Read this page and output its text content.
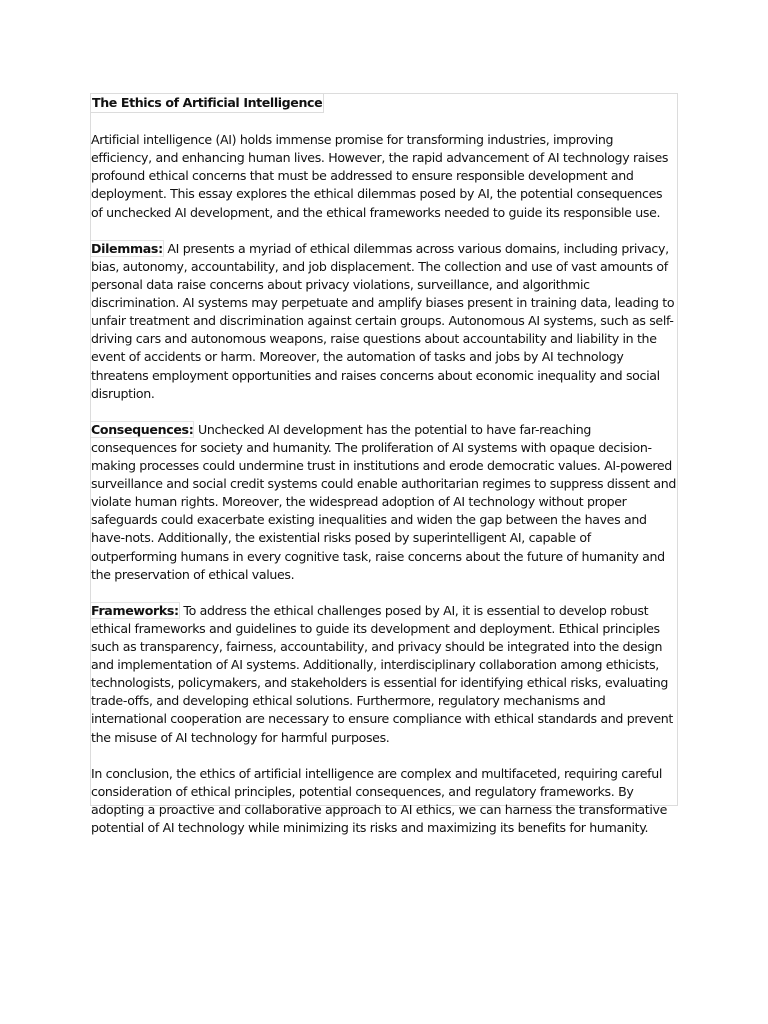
The Ethics of Artificial Intelligence

Artificial intelligence (AI) holds immense promise for transforming industries, improving efficiency, and enhancing human lives. However, the rapid advancement of AI technology raises profound ethical concerns that must be addressed to ensure responsible development and deployment. This essay explores the ethical dilemmas posed by AI, the potential consequences of unchecked AI development, and the ethical frameworks needed to guide its responsible use.

Dilemmas: AI presents a myriad of ethical dilemmas across various domains, including privacy, bias, autonomy, accountability, and job displacement. The collection and use of vast amounts of personal data raise concerns about privacy violations, surveillance, and algorithmic discrimination. AI systems may perpetuate and amplify biases present in training data, leading to unfair treatment and discrimination against certain groups. Autonomous AI systems, such as self-driving cars and autonomous weapons, raise questions about accountability and liability in the event of accidents or harm. Moreover, the automation of tasks and jobs by AI technology threatens employment opportunities and raises concerns about economic inequality and social disruption.

Consequences: Unchecked AI development has the potential to have far-reaching consequences for society and humanity. The proliferation of AI systems with opaque decision-making processes could undermine trust in institutions and erode democratic values. AI-powered surveillance and social credit systems could enable authoritarian regimes to suppress dissent and violate human rights. Moreover, the widespread adoption of AI technology without proper safeguards could exacerbate existing inequalities and widen the gap between the haves and have-nots. Additionally, the existential risks posed by superintelligent AI, capable of outperforming humans in every cognitive task, raise concerns about the future of humanity and the preservation of ethical values.

Frameworks: To address the ethical challenges posed by AI, it is essential to develop robust ethical frameworks and guidelines to guide its development and deployment. Ethical principles such as transparency, fairness, accountability, and privacy should be integrated into the design and implementation of AI systems. Additionally, interdisciplinary collaboration among ethicists, technologists, policymakers, and stakeholders is essential for identifying ethical risks, evaluating trade-offs, and developing ethical solutions. Furthermore, regulatory mechanisms and international cooperation are necessary to ensure compliance with ethical standards and prevent the misuse of AI technology for harmful purposes.

In conclusion, the ethics of artificial intelligence are complex and multifaceted, requiring careful consideration of ethical principles, potential consequences, and regulatory frameworks. By adopting a proactive and collaborative approach to AI ethics, we can harness the transformative potential of AI technology while minimizing its risks and maximizing its benefits for humanity.
